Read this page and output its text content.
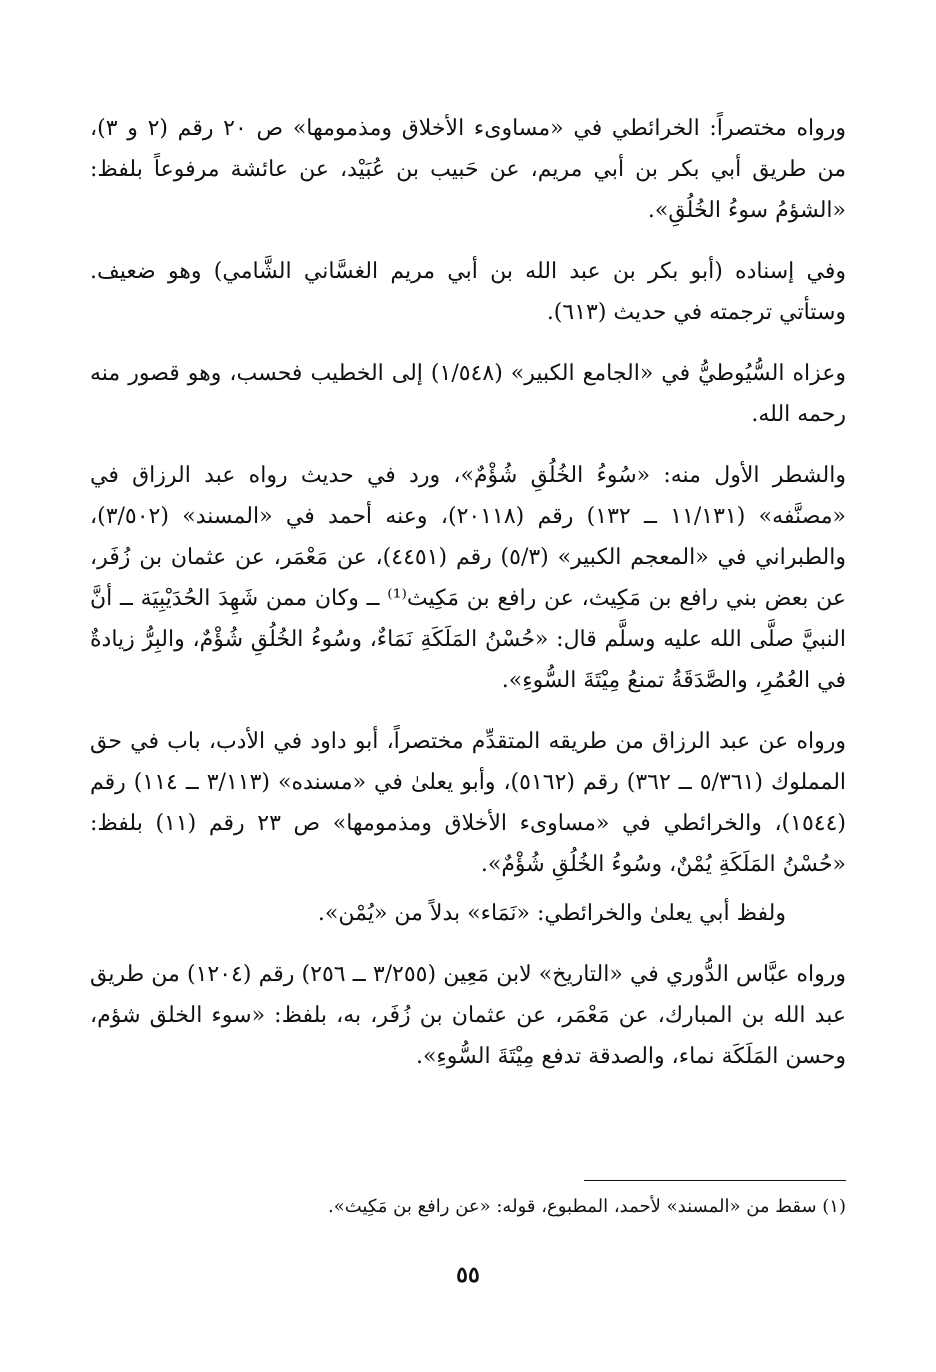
ورواه مختصراً: الخرائطي في «مساوىء الأخلاق ومذمومها» ص ٢٠ رقم (٢ و ٣)، من طريق أبي بكر بن أبي مريم، عن حَبيب بن عُبَيْد، عن عائشة مرفوعاً بلفظ: «الشؤمُ سوءُ الخُلُقِ».

وفي إسناده (أبو بكر بن عبد الله بن أبي مريم الغسَّاني الشَّامي) وهو ضعيف. وستأتي ترجمته في حديث (٦١٣).

وعزاه السُّيُوطيُّ في «الجامع الكبير» (١/٥٤٨) إلى الخطيب فحسب، وهو قصور منه رحمه الله.

والشطر الأول منه: «سُوءُ الخُلُقِ شُؤْمٌ»، ورد في حديث رواه عبد الرزاق في «مصنَّفه» (١١/١٣١ ــ ١٣٢) رقم (٢٠١١٨)، وعنه أحمد في «المسند» (٣/٥٠٢)، والطبراني في «المعجم الكبير» (٥/٣) رقم (٤٤٥١)، عن مَعْمَر، عن عثمان بن زُفَر، عن بعض بني رافع بن مَكِيث، عن رافع بن مَكِيث⁽¹⁾ ــ وكان ممن شَهِدَ الحُدَيْبِيَة ــ أنَّ النبيَّ صلَّى الله عليه وسلَّم قال: «حُسْنُ المَلَكَةِ نَمَاءٌ، وسُوءُ الخُلُقِ شُؤْمٌ، والبِرُّ زيادةٌ في العُمُرِ، والصَّدَقَةُ تمنعُ مِيْتَةَ السُّوءِ».

ورواه عن عبد الرزاق من طريقه المتقدِّم مختصراً، أبو داود في الأدب، باب في حق المملوك (٥/٣٦١ ــ ٣٦٢) رقم (٥١٦٢)، وأبو يعلىٰ في «مسنده» (٣/١١٣ ــ ١١٤) رقم (١٥٤٤)، والخرائطي في «مساوىء الأخلاق ومذمومها» ص ٢٣ رقم (١١) بلفظ: «حُسْنُ المَلَكَةِ يُمْنٌ، وسُوءُ الخُلُقِ شُؤْمٌ».

ولفظ أبي يعلىٰ والخرائطي: «نَمَاء» بدلاً من «يُمْن».

ورواه عبَّاس الدُّوري في «التاريخ» لابن مَعِين (٣/٢٥٥ ــ ٢٥٦) رقم (١٢٠٤) من طريق عبد الله بن المبارك، عن مَعْمَر، عن عثمان بن زُفَر، به، بلفظ: «سوء الخلق شؤم، وحسن المَلَكَة نماء، والصدقة تدفع مِيْتَةَ السُّوءِ».

(١) سقط من «المسند» لأحمد، المطبوع، قوله: «عن رافع بن مَكِيث».
٥٥
